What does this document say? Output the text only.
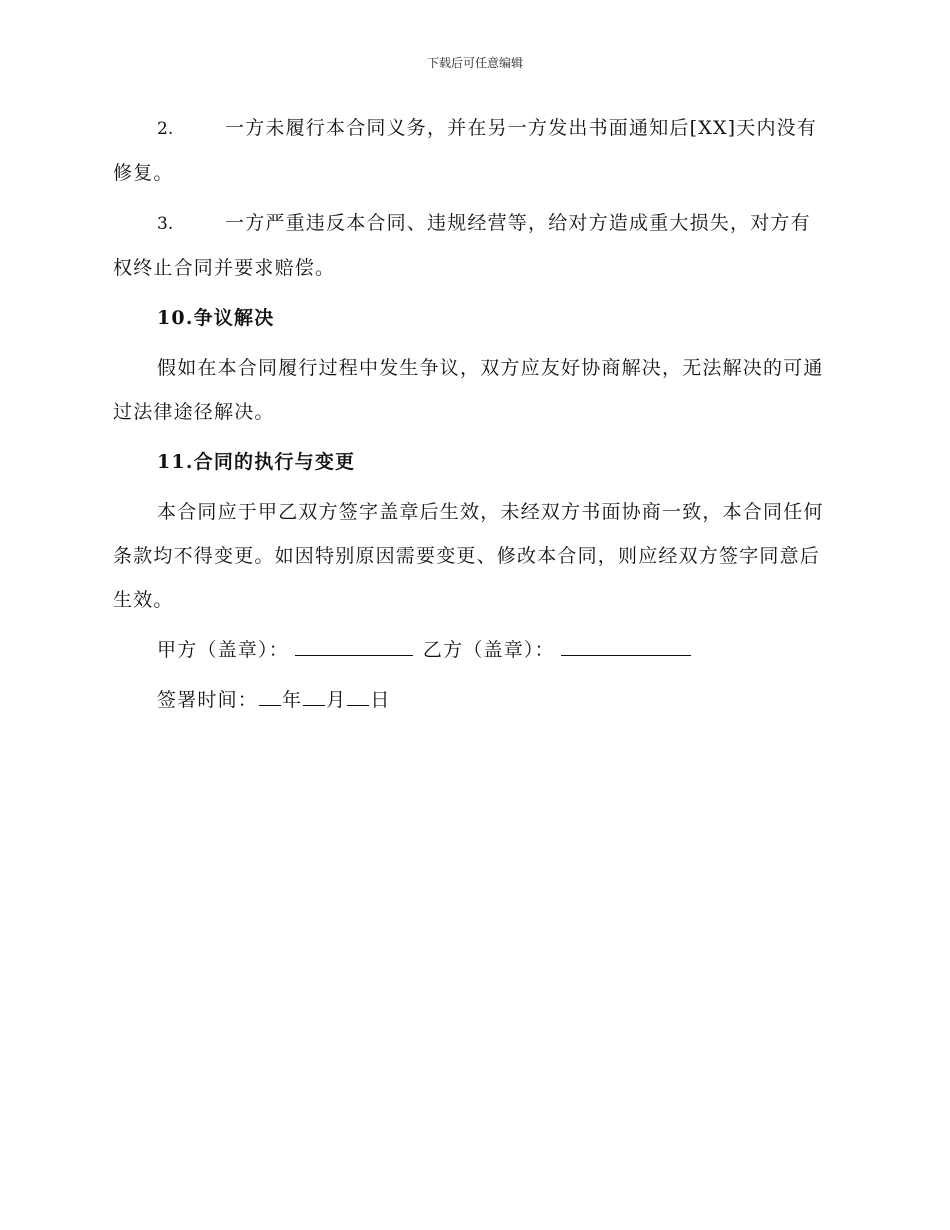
下载后可任意编辑

2.	一方未履行本合同义务，并在另一方发出书面通知后[XX]天内没有修复。

3.	一方严重违反本合同、违规经营等，给对方造成重大损失，对方有权终止合同并要求赔偿。

10.争议解决

假如在本合同履行过程中发生争议，双方应友好协商解决，无法解决的可通过法律途径解决。

11.合同的执行与变更

本合同应于甲乙双方签字盖章后生效，未经双方书面协商一致，本合同任何条款均不得变更。如因特别原因需要变更、修改本合同，则应经双方签字同意后生效。

甲方（盖章）：	乙方（盖章）：

签署时间： 年 月 日
